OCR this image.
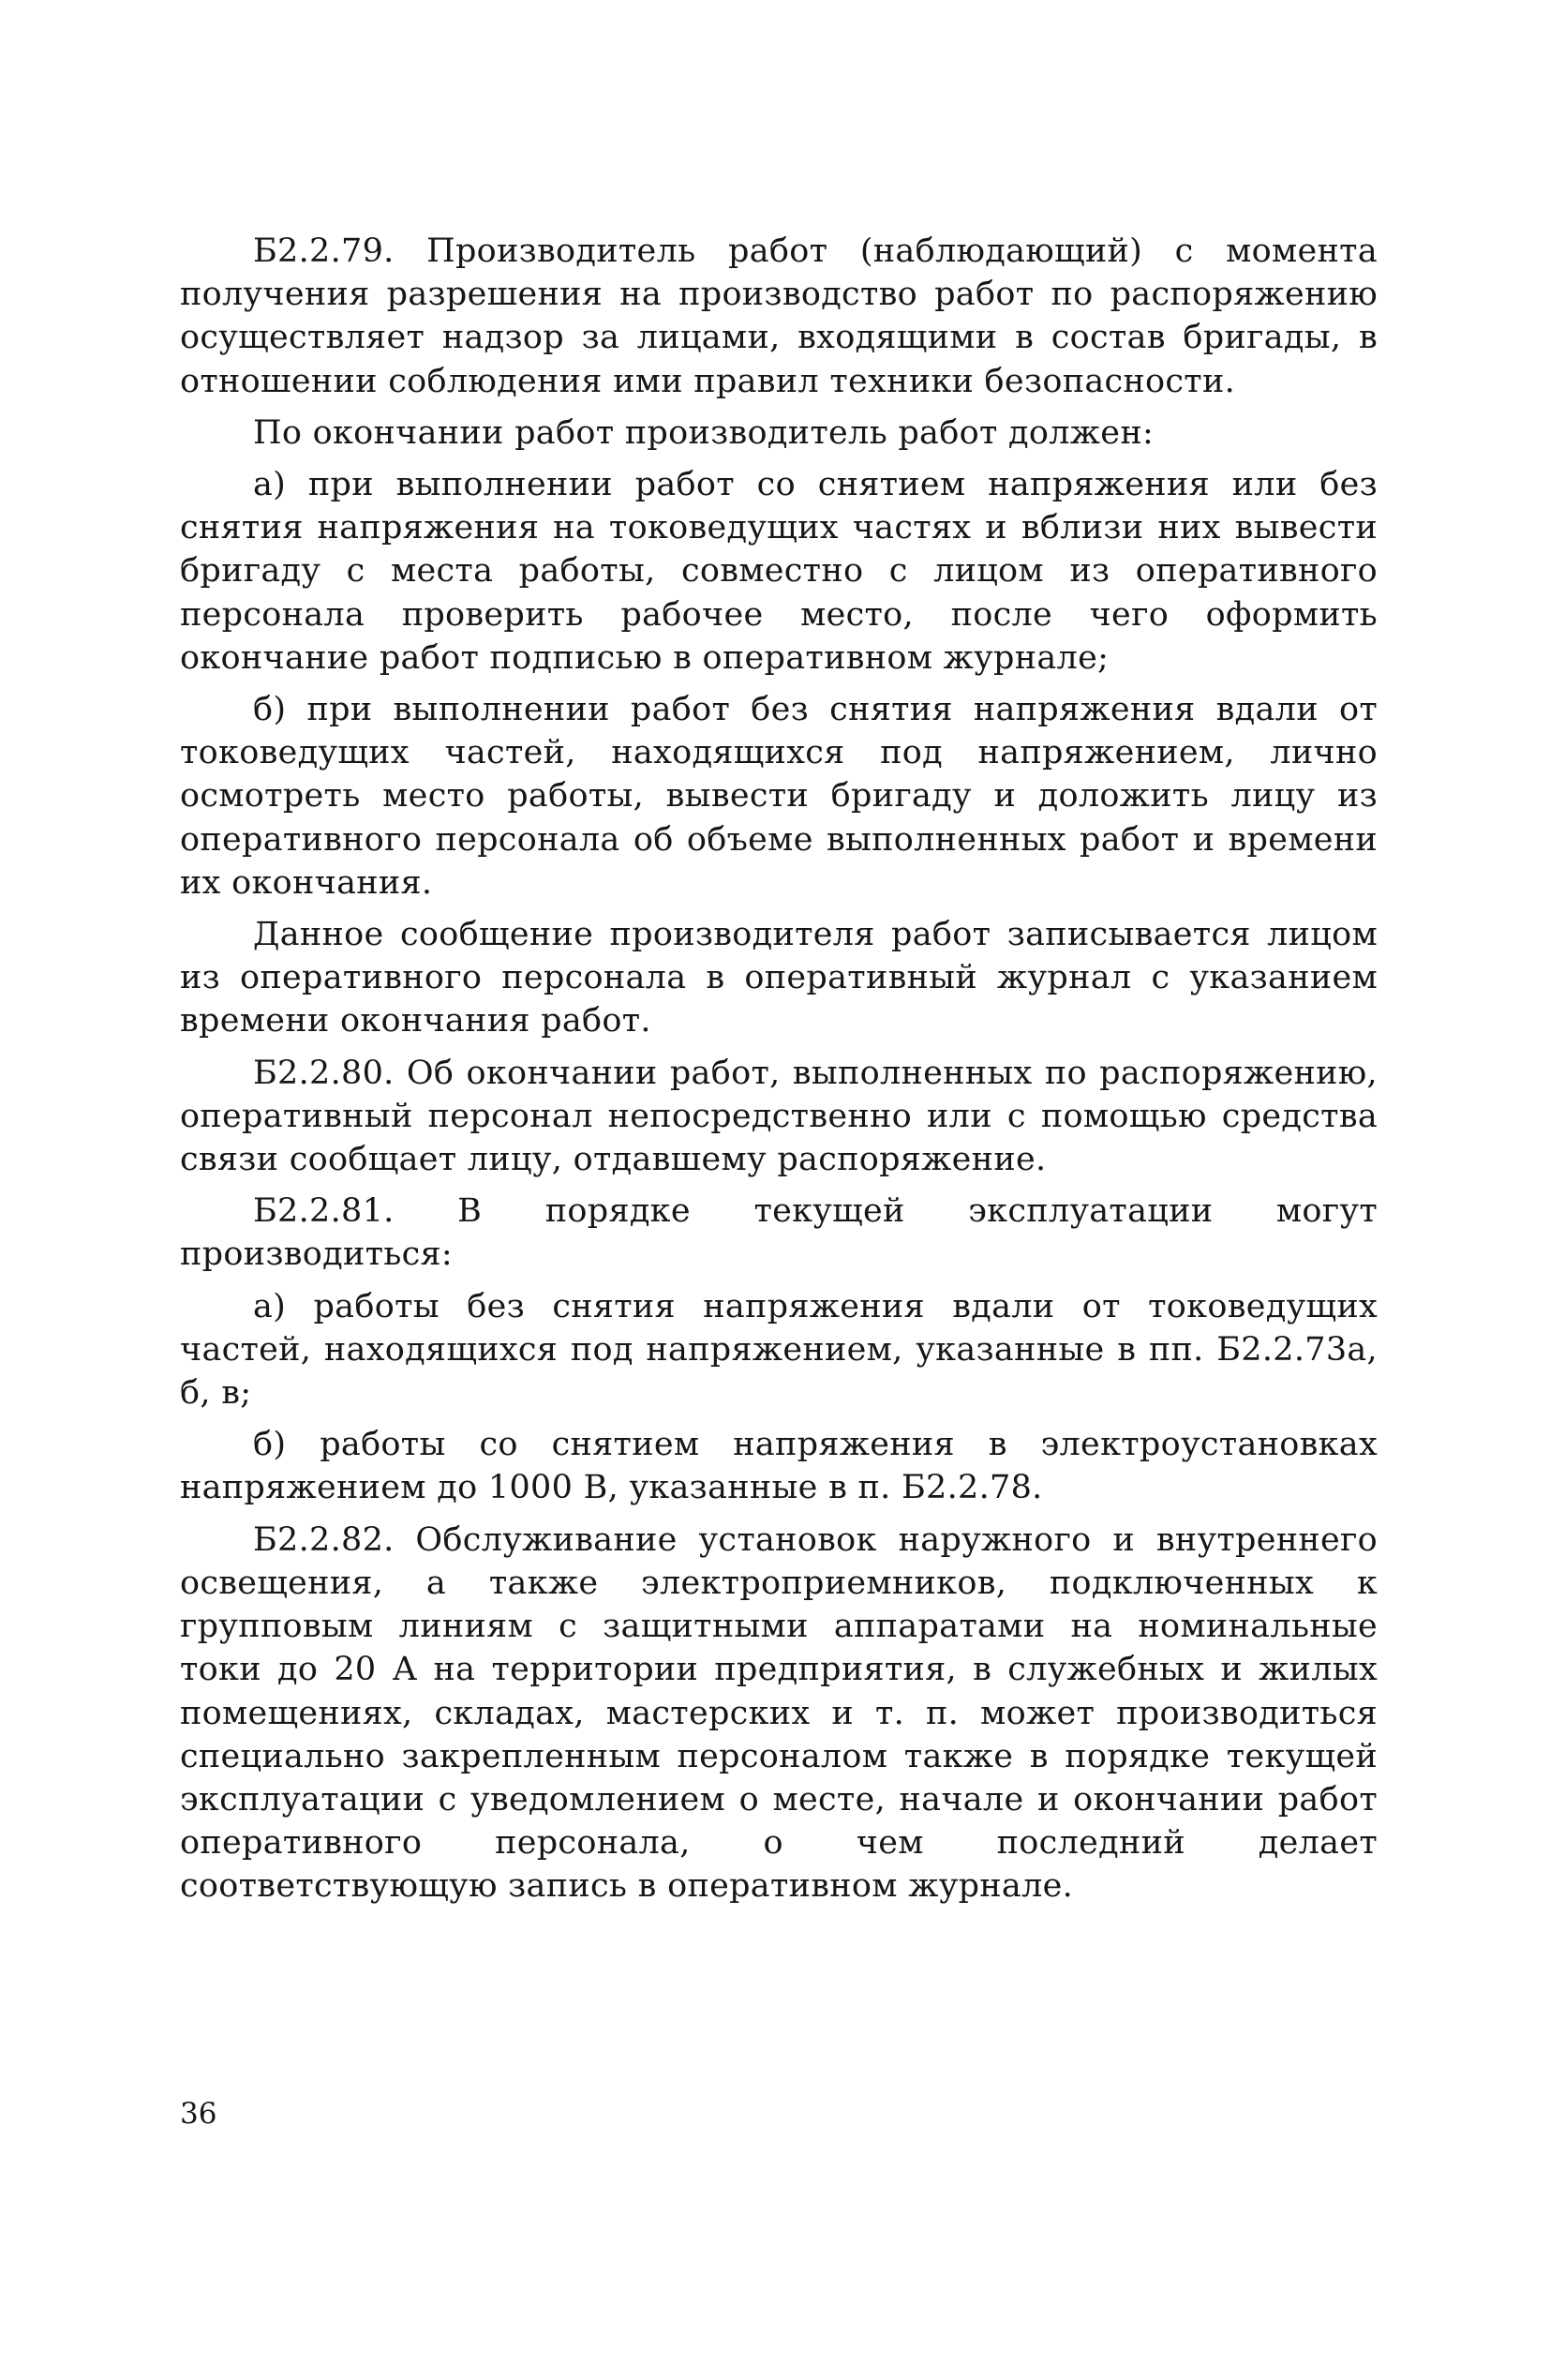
Б2.2.79. Производитель работ (наблюдающий) с момента получения разрешения на производство работ по распоряжению осуществляет надзор за лицами, входящими в состав бригады, в отношении соблюдения ими правил техники безопасности.

По окончании работ производитель работ должен:

а) при выполнении работ со снятием напряжения или без снятия напряжения на токоведущих частях и вблизи них вывести бригаду с места работы, совместно с лицом из оперативного персонала проверить рабочее место, после чего оформить окончание работ подписью в оперативном журнале;

б) при выполнении работ без снятия напряжения вдали от токоведущих частей, находящихся под напряжением, лично осмотреть место работы, вывести бригаду и доложить лицу из оперативного персонала об объеме выполненных работ и времени их окончания.

Данное сообщение производителя работ записывается лицом из оперативного персонала в оперативный журнал с указанием времени окончания работ.

Б2.2.80. Об окончании работ, выполненных по распоряжению, оперативный персонал непосредственно или с помощью средства связи сообщает лицу, отдавшему распоряжение.

Б2.2.81. В порядке текущей эксплуатации могут производиться:

а) работы без снятия напряжения вдали от токоведущих частей, находящихся под напряжением, указанные в пп. Б2.2.73а, б, в;

б) работы со снятием напряжения в электроустановках напряжением до 1000 В, указанные в п. Б2.2.78.

Б2.2.82. Обслуживание установок наружного и внутреннего освещения, а также электроприемников, подключенных к групповым линиям с защитными аппаратами на номинальные токи до 20 А на территории предприятия, в служебных и жилых помещениях, складах, мастерских и т. п. может производиться специально закрепленным персоналом также в порядке текущей эксплуатации с уведомлением о месте, начале и окончании работ оперативного персонала, о чем последний делает соответствующую запись в оперативном журнале.

36
